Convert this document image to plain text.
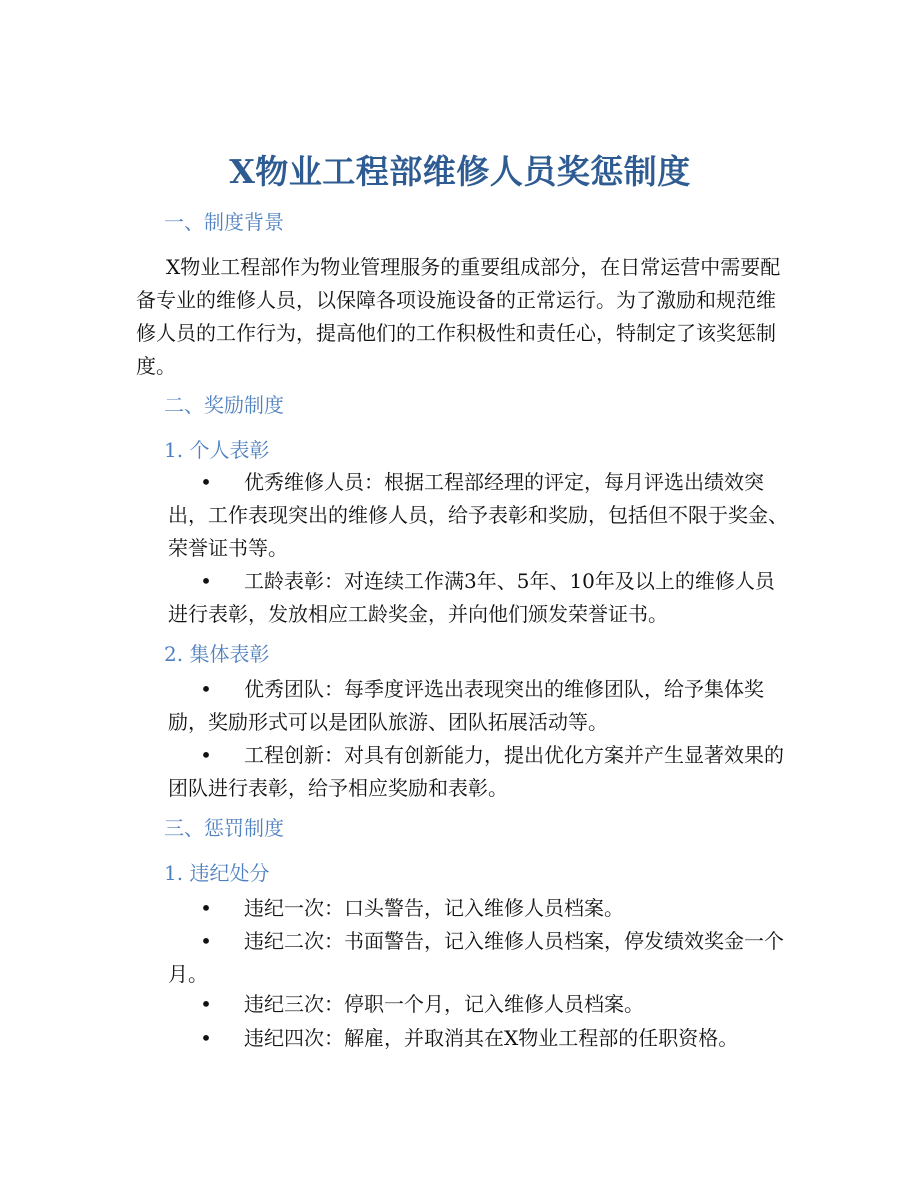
X物业工程部维修人员奖惩制度
一、制度背景

X物业工程部作为物业管理服务的重要组成部分，在日常运营中需要配备专业的维修人员，以保障各项设施设备的正常运行。为了激励和规范维修人员的工作行为，提高他们的工作积极性和责任心，特制定了该奖惩制度。

二、奖励制度
1. 个人表彰
•	优秀维修人员：根据工程部经理的评定，每月评选出绩效突出，工作表现突出的维修人员，给予表彰和奖励，包括但不限于奖金、荣誉证书等。
•	工龄表彰：对连续工作满3年、5年、10年及以上的维修人员进行表彰，发放相应工龄奖金，并向他们颁发荣誉证书。
2. 集体表彰
•	优秀团队：每季度评选出表现突出的维修团队，给予集体奖励，奖励形式可以是团队旅游、团队拓展活动等。
•	工程创新：对具有创新能力，提出优化方案并产生显著效果的团队进行表彰，给予相应奖励和表彰。
三、惩罚制度
1. 违纪处分
•	违纪一次：口头警告，记入维修人员档案。
•	违纪二次：书面警告，记入维修人员档案，停发绩效奖金一个月。
•	违纪三次：停职一个月，记入维修人员档案。
•	违纪四次：解雇，并取消其在X物业工程部的任职资格。
